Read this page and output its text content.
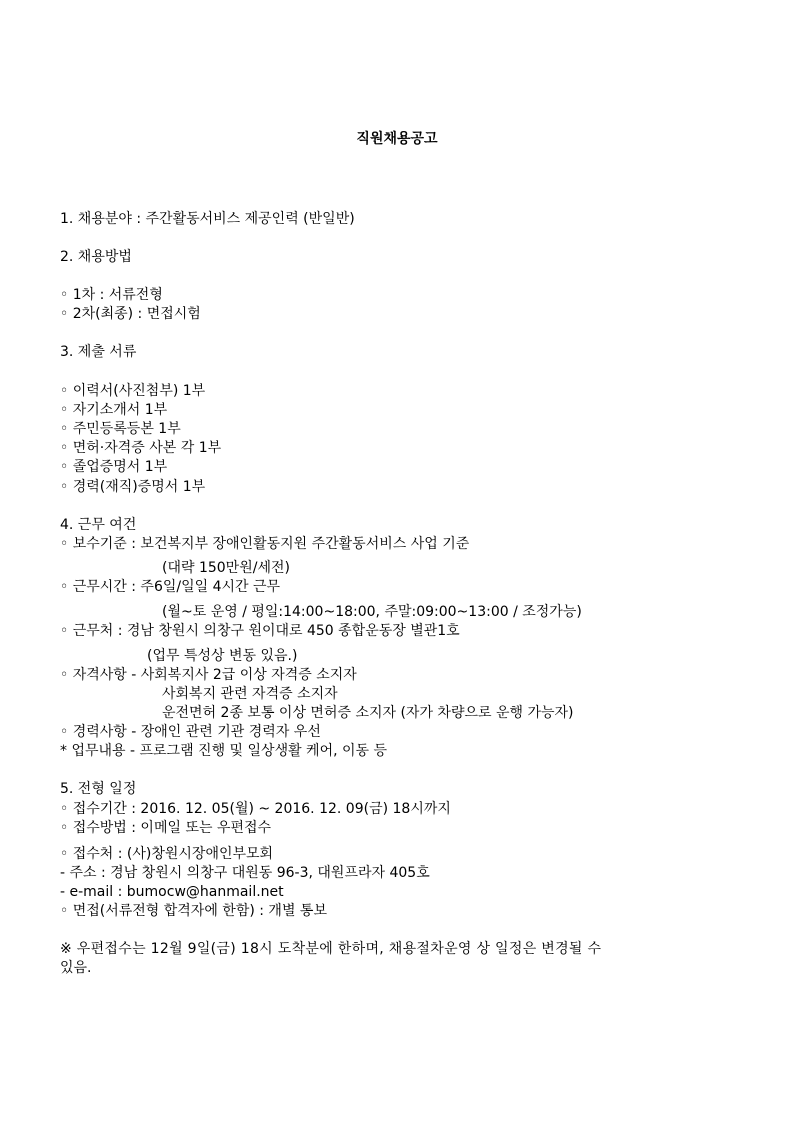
직원채용공고
1. 채용분야 : 주간활동서비스 제공인력 (반일반)
2. 채용방법
◦ 1차 : 서류전형
◦ 2차(최종) : 면접시험
3. 제출 서류
◦ 이력서(사진첨부) 1부
◦ 자기소개서 1부
◦ 주민등록등본 1부
◦ 면허·자격증 사본 각 1부
◦ 졸업증명서 1부
◦ 경력(재직)증명서 1부
4. 근무 여건
◦ 보수기준 : 보건복지부 장애인활동지원 주간활동서비스 사업 기준
(대략 150만원/세전)
◦ 근무시간 : 주6일/일일 4시간 근무
(월~토 운영 / 평일:14:00~18:00, 주말:09:00~13:00 / 조정가능)
◦ 근무처 : 경남 창원시 의창구 원이대로 450 종합운동장 별관1호
(업무 특성상 변동 있음.)
◦ 자격사항 - 사회복지사 2급 이상 자격증 소지자
사회복지 관련 자격증 소지자
운전면허 2종 보통 이상 면허증 소지자 (자가 차량으로 운행 가능자)
◦ 경력사항 - 장애인 관련 기관 경력자 우선
* 업무내용 - 프로그램 진행 및 일상생활 케어, 이동 등
5. 전형 일정
◦ 접수기간 : 2016. 12. 05(월) ~ 2016. 12. 09(금) 18시까지
◦ 접수방법 : 이메일 또는 우편접수
◦ 접수처 : (사)창원시장애인부모회
- 주소 : 경남 창원시 의창구 대원동 96-3, 대원프라자 405호
- e-mail : bumocw@hanmail.net
◦ 면접(서류전형 합격자에 한함) : 개별 통보
※ 우편접수는 12월 9일(금) 18시 도착분에 한하며, 채용절차운영 상 일정은 변경될 수
있음.
